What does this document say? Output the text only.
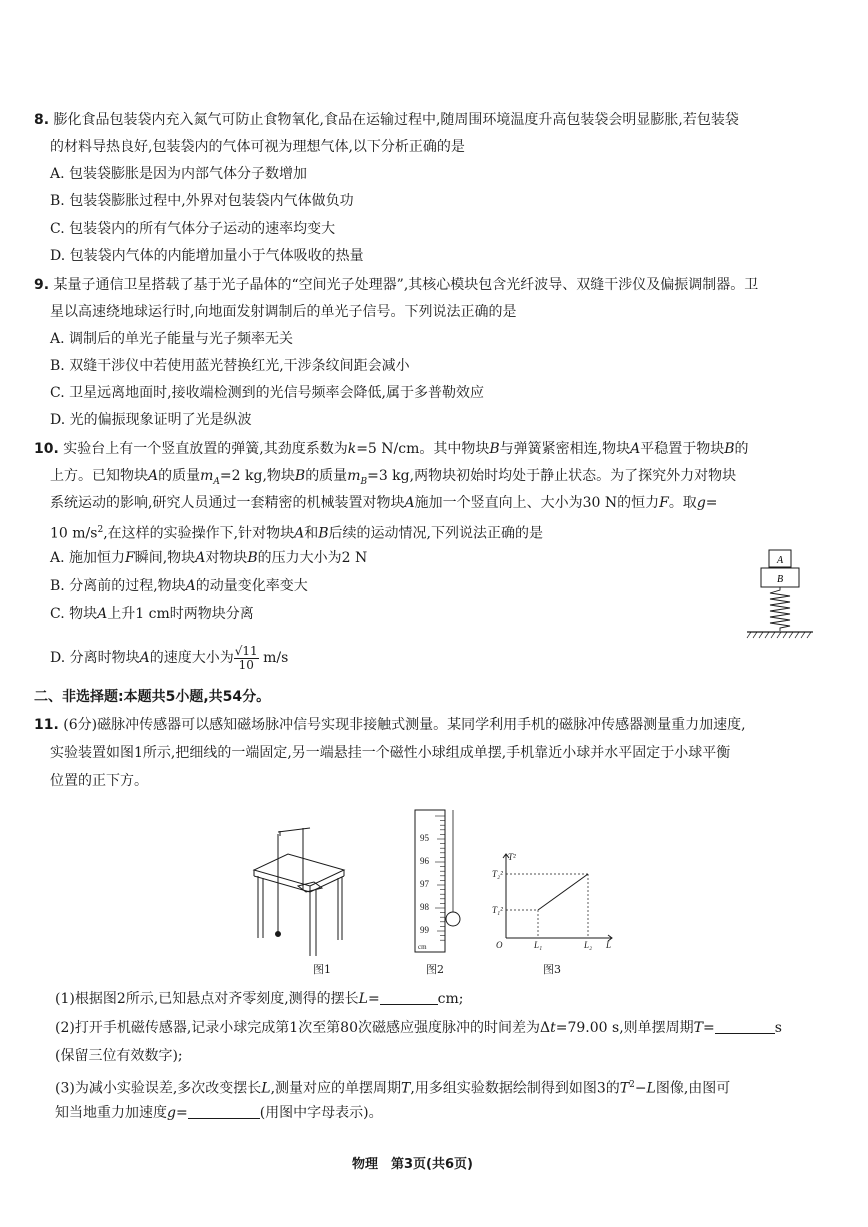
8. 膨化食品包装袋内充入氮气可防止食物氧化,食品在运输过程中,随周围环境温度升高包装袋会明显膨胀,若包装袋
的材料导热良好,包装袋内的气体可视为理想气体,以下分析正确的是
A. 包装袋膨胀是因为内部气体分子数增加
B. 包装袋膨胀过程中,外界对包装袋内气体做负功
C. 包装袋内的所有气体分子运动的速率均变大
D. 包装袋内气体的内能增加量小于气体吸收的热量
9. 某量子通信卫星搭载了基于光子晶体的“空间光子处理器”,其核心模块包含光纤波导、双缝干涉仪及偏振调制器。卫
星以高速绕地球运行时,向地面发射调制后的单光子信号。下列说法正确的是
A. 调制后的单光子能量与光子频率无关
B. 双缝干涉仪中若使用蓝光替换红光,干涉条纹间距会减小
C. 卫星远离地面时,接收端检测到的光信号频率会降低,属于多普勒效应
D. 光的偏振现象证明了光是纵波
10. 实验台上有一个竖直放置的弹簧,其劲度系数为k=5 N/cm。其中物块B与弹簧紧密相连,物块A平稳置于物块B的
上方。已知物块A的质量$m_A=2$ kg,物块B的质量$m_B=3$ kg,两物块初始时均处于静止状态。为了探究外力对物块
系统运动的影响,研究人员通过一套精密的机械装置对物块A施加一个竖直向上、大小为30 N的恒力F。取g=
10 $m/s^2$,在这样的实验操作下,针对物块A和B后续的运动情况,下列说法正确的是
A. 施加恒力F瞬间,物块A对物块B的压力大小为2 N
B. 分离前的过程,物块A的动量变化率变大
C. 物块A上升1 cm时两物块分离
D. 分离时物块A的速度大小为 $\frac{√11}{10} m/s$
A
B
二、非选择题:本题共5小题,共54分。
11. (6分)磁脉冲传感器可以感知磁场脉冲信号实现非接触式测量。某同学利用手机的磁脉冲传感器测量重力加速度,
实验装置如图1所示,把细线的一端固定,另一端悬挂一个磁性小球组成单摆,手机靠近小球并水平固定于小球平衡
位置的正下方。
图1
95
96
97
98
99
cm
图2
T²
T₂²
T₁²
O	L₁	L₂ L
图3
(1)根据图2所示,已知悬点对齐零刻度,测得的摆长L=	cm;
(2)打开手机磁传感器,记录小球完成第1次至第80次磁感应强度脉冲的时间差为Δt=79.00 s,则单摆周期T=	s
(保留三位有效数字);
(3)为减小实验误差,多次改变摆长L,测量对应的单摆周期T,用多组实验数据绘制得到如图3的$T^2-L$图像,由图可
知当地重力加速度g=	(用图中字母表示)。
物理　第3页(共6页)
